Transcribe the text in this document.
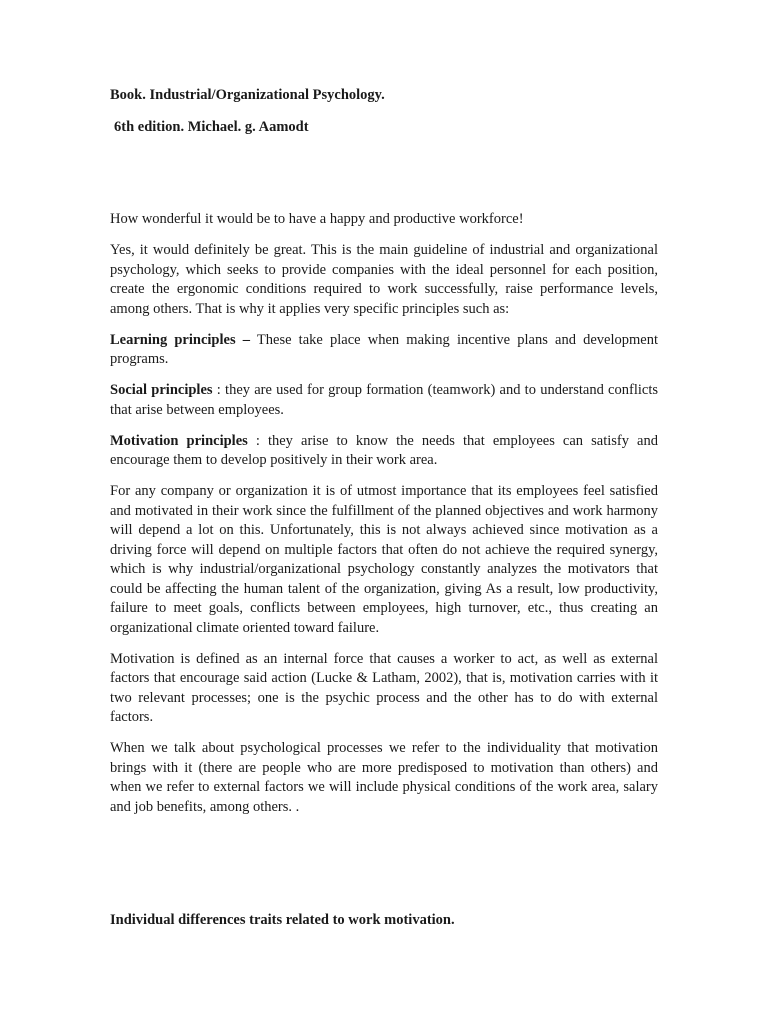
Book. Industrial/Organizational Psychology.
6th edition. Michael. g. Aamodt

How wonderful it would be to have a happy and productive workforce!

Yes, it would definitely be great. This is the main guideline of industrial and organizational psychology, which seeks to provide companies with the ideal personnel for each position, create the ergonomic conditions required to work successfully, raise performance levels, among others. That is why it applies very specific principles such as:

Learning principles – These take place when making incentive plans and development programs.

Social principles : they are used for group formation (teamwork) and to understand conflicts that arise between employees.

Motivation principles : they arise to know the needs that employees can satisfy and encourage them to develop positively in their work area.

For any company or organization it is of utmost importance that its employees feel satisfied and motivated in their work since the fulfillment of the planned objectives and work harmony will depend a lot on this. Unfortunately, this is not always achieved since motivation as a driving force will depend on multiple factors that often do not achieve the required synergy, which is why industrial/organizational psychology constantly analyzes the motivators that could be affecting the human talent of the organization, giving As a result, low productivity, failure to meet goals, conflicts between employees, high turnover, etc., thus creating an organizational climate oriented toward failure.

Motivation is defined as an internal force that causes a worker to act, as well as external factors that encourage said action (Lucke & Latham, 2002), that is, motivation carries with it two relevant processes; one is the psychic process and the other has to do with external factors.

When we talk about psychological processes we refer to the individuality that motivation brings with it (there are people who are more predisposed to motivation than others) and when we refer to external factors we will include physical conditions of the work area, salary and job benefits, among others. .

Individual differences traits related to work motivation.
